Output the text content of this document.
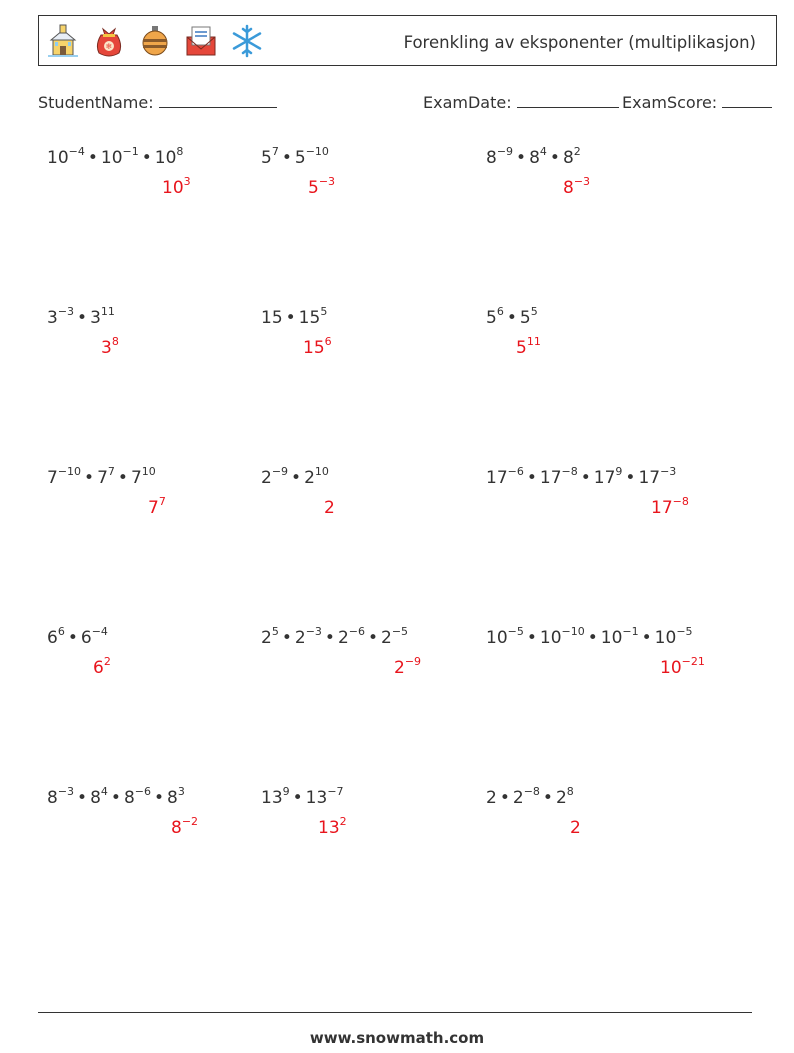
❄	Forenkling av eksponenter (multiplikasjon)
StudentName:	ExamDate:	ExamScore:
$10^{-4}$ • $10^{-1}$ • $10^8$
$10^3$
$5^7$ • $5^{-10}$
$5^{-3}$
$8^{-9}$ • $8^4$ • $8^2$
$8^{-3}$
$3^{-3}$ • $3^{11}$
$3^8$
15 • $15^5$
$15^6$
$5^6$ • $5^5$
$5^{11}$
$7^{-10}$ • $7^7$ • $7^{10}$
$7^7$
$2^{-9}$ • $2^{10}$
2
$17^{-6}$ • $17^{-8}$ • $17^9$ • $17^{-3}$
$17^{-8}$
$6^6$ • $6^{-4}$
$6^2$
$2^5$ • $2^{-3}$ • $2^{-6}$ • $2^{-5}$
$2^{-9}$
$10^{-5}$ • $10^{-10}$ • $10^{-1}$ • $10^{-5}$
$10^{-21}$
$8^{-3}$ • $8^4$ • $8^{-6}$ • $8^3$
$8^{-2}$
$13^9$ • $13^{-7}$
$13^2$
2 • $2^{-8}$ • $2^8$
2
www.snowmath.com
